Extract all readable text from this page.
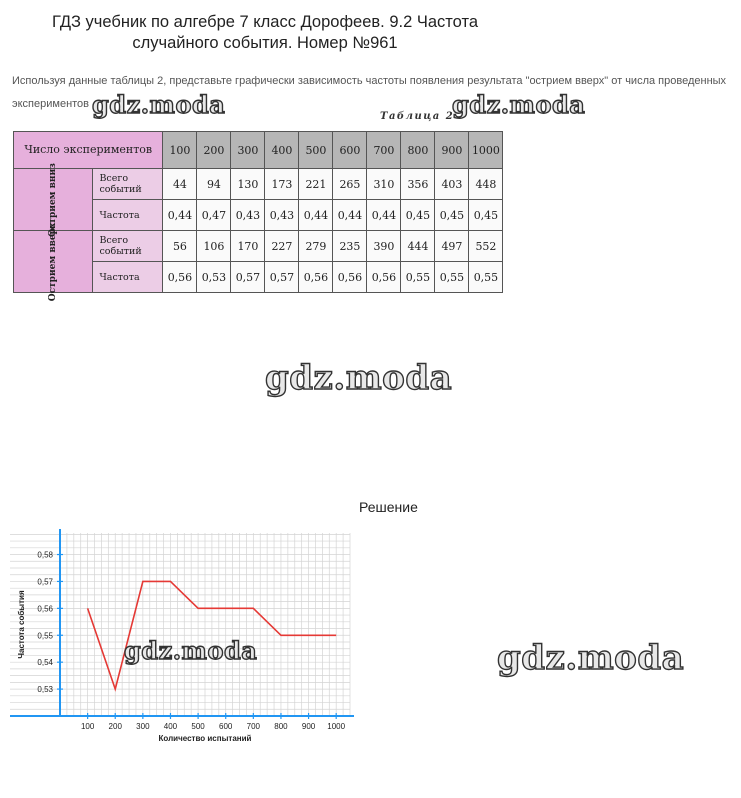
ГДЗ учебник по алгебре 7 класс Дорофеев. 9.2 Частота
случайного события. Номер №961
Используя данные таблицы 2, представьте графически зависимость частоты появления результата "острием вверх" от числа проведенных экспериментов
Таблица 2
Число экспериментов		100	200	300	400	500	600	700	800	900	1000

Острием вниз	Всего событий	44	94	130	173	221	265	310	356	403	448
	Частота	0,44	0,47	0,43	0,43	0,44	0,44	0,44	0,45	0,45	0,45

Острием вверх	Всего событий	56	106	170	227	279	235	390	444	497	552
	Частота	0,56	0,53	0,57	0,57	0,56	0,56	0,56	0,55	0,55	0,55
Решение
0,53
0,54
0,55
0,56
0,57
0,58
100 200 300 400 500 600 700 800 900 1000
Количество испытаний
Частота события
gdz.moda	gdz.moda
gdz.moda
gdz.moda	gdz.moda
